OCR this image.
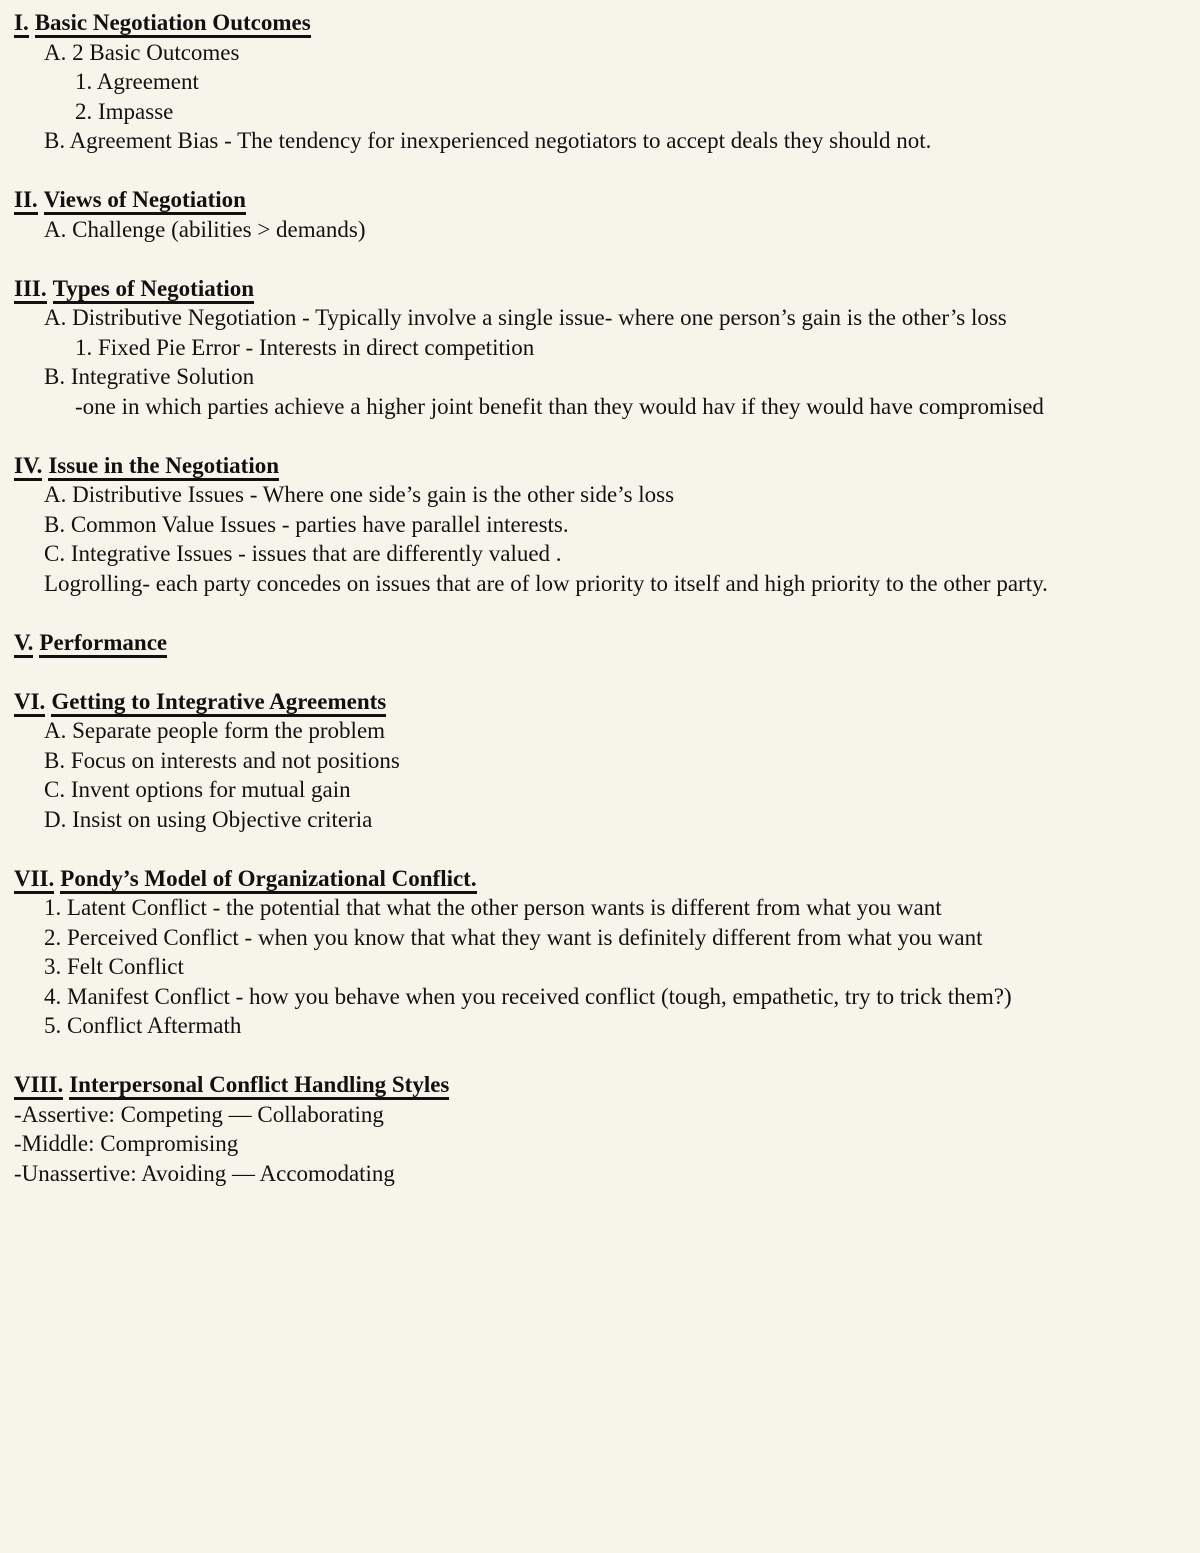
I. Basic Negotiation Outcomes
A. 2 Basic Outcomes
1. Agreement
2. Impasse
B. Agreement Bias - The tendency for inexperienced negotiators to accept deals they should not.
II. Views of Negotiation
A. Challenge (abilities > demands)
III. Types of Negotiation
A. Distributive Negotiation - Typically involve a single issue- where one person’s gain is the other’s loss
1. Fixed Pie Error - Interests in direct competition
B. Integrative Solution
-one in which parties achieve a higher joint benefit than they would hav if they would have compromised
IV. Issue in the Negotiation
A. Distributive Issues - Where one side’s gain is the other side’s loss
B. Common Value Issues - parties have parallel interests.
C. Integrative Issues - issues that are differently valued .
Logrolling- each party concedes on issues that are of low priority to itself and high priority to the other party.
V. Performance
VI. Getting to Integrative Agreements
A. Separate people form the problem
B. Focus on interests and not positions
C. Invent options for mutual gain
D. Insist on using Objective criteria
VII. Pondy’s Model of Organizational Conflict.
1. Latent Conflict - the potential that what the other person wants is different from what you want
2. Perceived Conflict - when you know that what they want is definitely different from what you want
3. Felt Conflict
4. Manifest Conflict - how you behave when you received conflict (tough, empathetic, try to trick them?)
5. Conflict Aftermath
VIII. Interpersonal Conflict Handling Styles
-Assertive: Competing — Collaborating
-Middle: Compromising
-Unassertive: Avoiding — Accomodating
